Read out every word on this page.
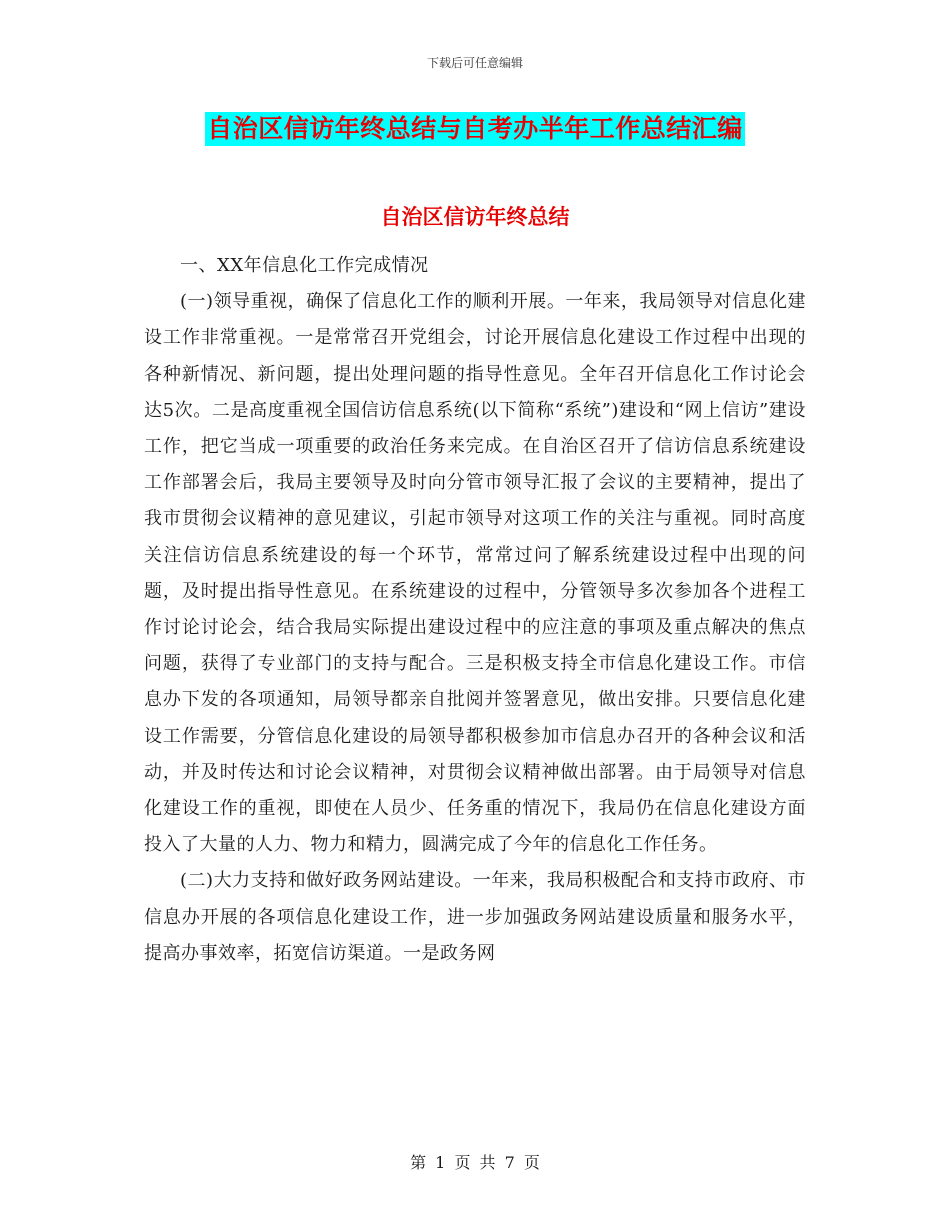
下载后可任意编辑
自治区信访年终总结与自考办半年工作总结汇编
自治区信访年终总结

一、XX年信息化工作完成情况

(一)领导重视，确保了信息化工作的顺利开展。一年来，我局领导对信息化建设工作非常重视。一是常常召开党组会，讨论开展信息化建设工作过程中出现的各种新情况、新问题，提出处理问题的指导性意见。全年召开信息化工作讨论会达5次。二是高度重视全国信访信息系统(以下简称“系统”)建设和“网上信访”建设工作，把它当成一项重要的政治任务来完成。在自治区召开了信访信息系统建设工作部署会后，我局主要领导及时向分管市领导汇报了会议的主要精神，提出了我市贯彻会议精神的意见建议，引起市领导对这项工作的关注与重视。同时高度关注信访信息系统建设的每一个环节，常常过问了解系统建设过程中出现的问题，及时提出指导性意见。在系统建设的过程中，分管领导多次参加各个进程工作讨论讨论会，结合我局实际提出建设过程中的应注意的事项及重点解决的焦点问题，获得了专业部门的支持与配合。三是积极支持全市信息化建设工作。市信息办下发的各项通知，局领导都亲自批阅并签署意见，做出安排。只要信息化建设工作需要，分管信息化建设的局领导都积极参加市信息办召开的各种会议和活动，并及时传达和讨论会议精神，对贯彻会议精神做出部署。由于局领导对信息化建设工作的重视，即使在人员少、任务重的情况下，我局仍在信息化建设方面投入了大量的人力、物力和精力，圆满完成了今年的信息化工作任务。

(二)大力支持和做好政务网站建设。一年来，我局积极配合和支持市政府、市信息办开展的各项信息化建设工作，进一步加强政务网站建设质量和服务水平，提高办事效率，拓宽信访渠道。一是政务网

第 1 页 共 7 页
